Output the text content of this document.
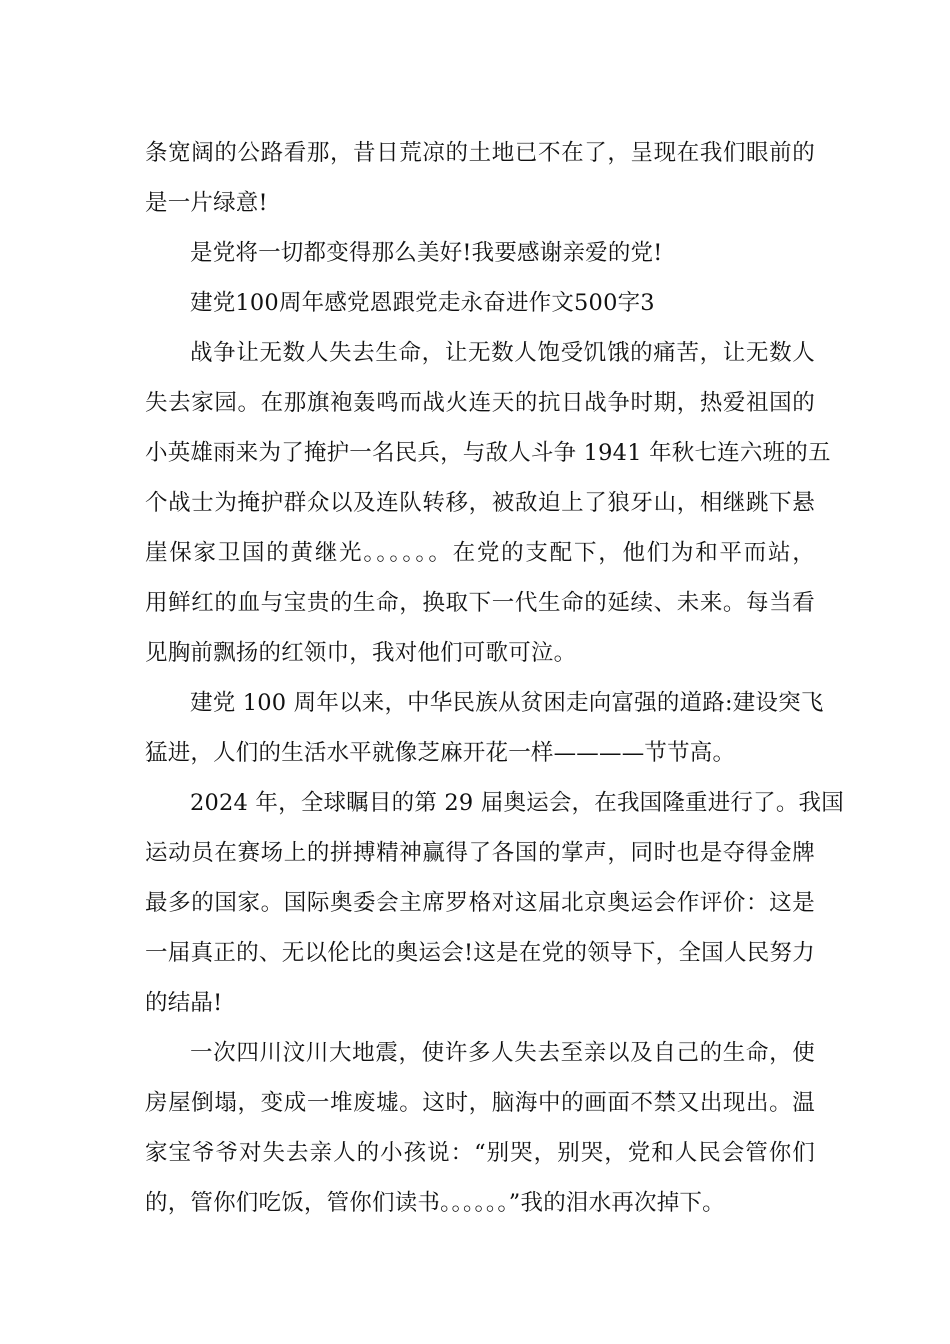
条宽阔的公路看那，昔日荒凉的土地已不在了，呈现在我们眼前的
是一片绿意!
是党将一切都变得那么美好!我要感谢亲爱的党!
建党100周年感党恩跟党走永奋进作文500字3
战争让无数人失去生命，让无数人饱受饥饿的痛苦，让无数人
失去家园。在那旗袍轰鸣而战火连天的抗日战争时期，热爱祖国的
小英雄雨来为了掩护一名民兵，与敌人斗争 1941 年秋七连六班的五
个战士为掩护群众以及连队转移，被敌迫上了狼牙山，相继跳下悬
崖保家卫国的黄继光。。。。。。在党的支配下，他们为和平而站，
用鲜红的血与宝贵的生命，换取下一代生命的延续、未来。每当看
见胸前飘扬的红领巾，我对他们可歌可泣。
建党 100 周年以来，中华民族从贫困走向富强的道路:建设突飞
猛进，人们的生活水平就像芝麻开花一样————节节高。
2024 年，全球瞩目的第 29 届奥运会，在我国隆重进行了。我国
运动员在赛场上的拼搏精神赢得了各国的掌声，同时也是夺得金牌
最多的国家。国际奥委会主席罗格对这届北京奥运会作评价：这是
一届真正的、无以伦比的奥运会!这是在党的领导下，全国人民努力
的结晶!
一次四川汶川大地震，使许多人失去至亲以及自己的生命，使
房屋倒塌，变成一堆废墟。这时，脑海中的画面不禁又出现出。温
家宝爷爷对失去亲人的小孩说：“别哭，别哭，党和人民会管你们
的，管你们吃饭，管你们读书。。。。。。”我的泪水再次掉下。
